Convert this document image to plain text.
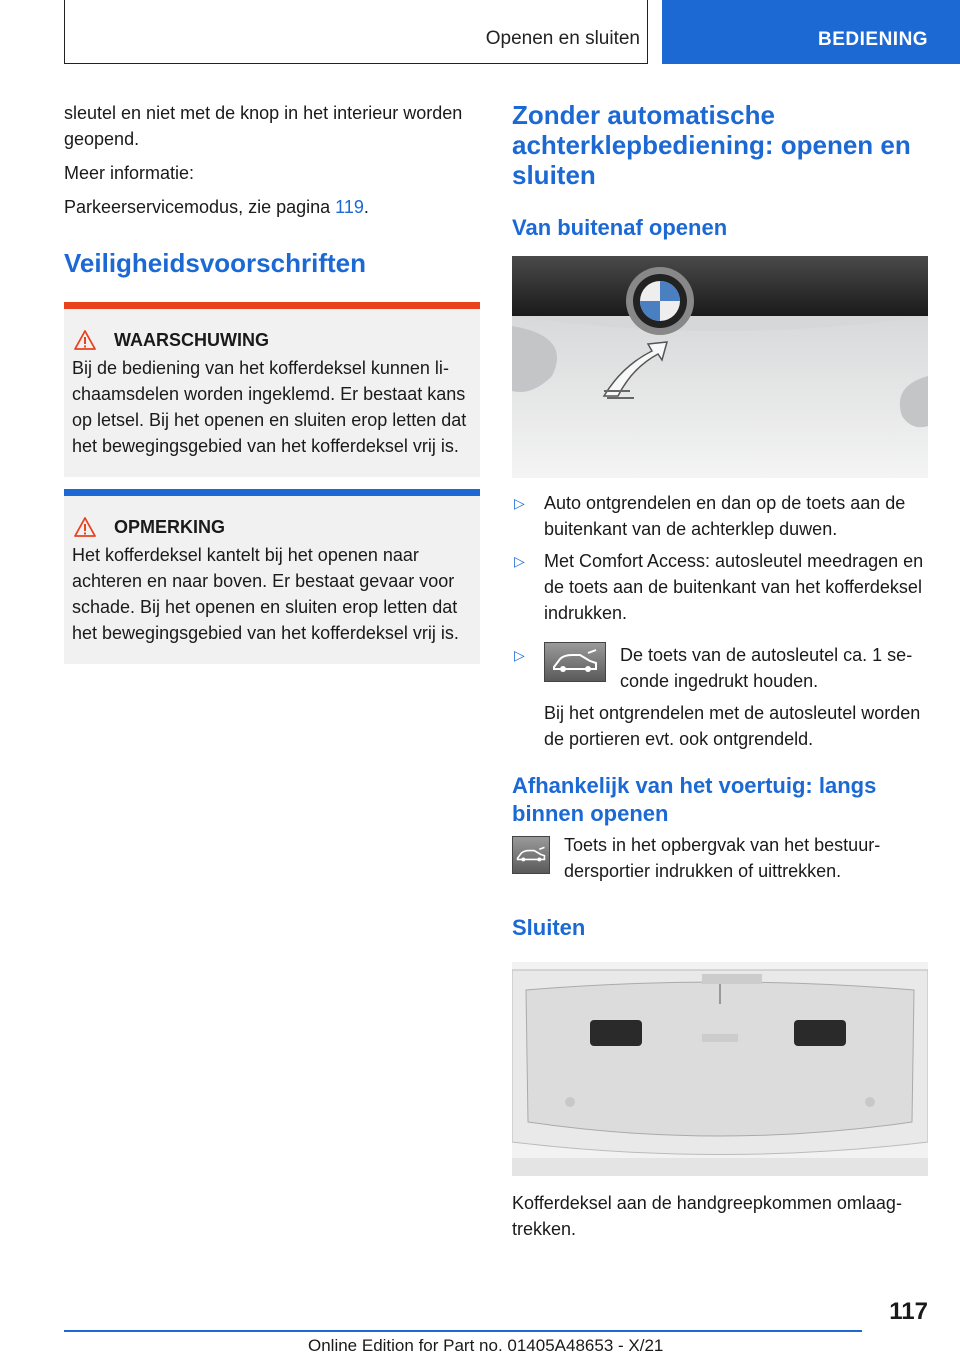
Openen en sluiten	BEDIENING

sleutel en niet met de knop in het interieur worden geopend.

Meer informatie:

Parkeerservicemodus, zie pagina 119.

Veiligheidsvoorschriften
WAARSCHUWING

Bij de bediening van het kofferdeksel kunnen lichaamsdelen worden ingeklemd. Er bestaat kans op letsel. Bij het openen en sluiten erop letten dat het bewegingsgebied van het kofferdeksel vrij is.

OPMERKING

Het kofferdeksel kantelt bij het openen naar achteren en naar boven. Er bestaat gevaar voor schade. Bij het openen en sluiten erop letten dat het bewegingsgebied van het kofferdeksel vrij is.

Zonder automatische achterklepbediening: openen en sluiten
Van buitenaf openen
▷	Auto ontgrendelen en dan op de toets aan de buitenkant van de achterklep duwen.
▷	Met Comfort Access: autosleutel meedragen en de toets aan de buitenkant van het kofferdeksel indrukken.
▷	De toets van de autosleutel ca. 1 seconde ingedrukt houden.

Bij het ontgrendelen met de autosleutel worden de portieren evt. ook ontgrendeld.

Afhankelijk van het voertuig: langs binnen openen

Toets in het opbergvak van het bestuurdersportier indrukken of uittrekken.

Sluiten

Kofferdeksel aan de handgreepkommen omlaagtrekken.

117
Online Edition for Part no. 01405A48653 - X/21
